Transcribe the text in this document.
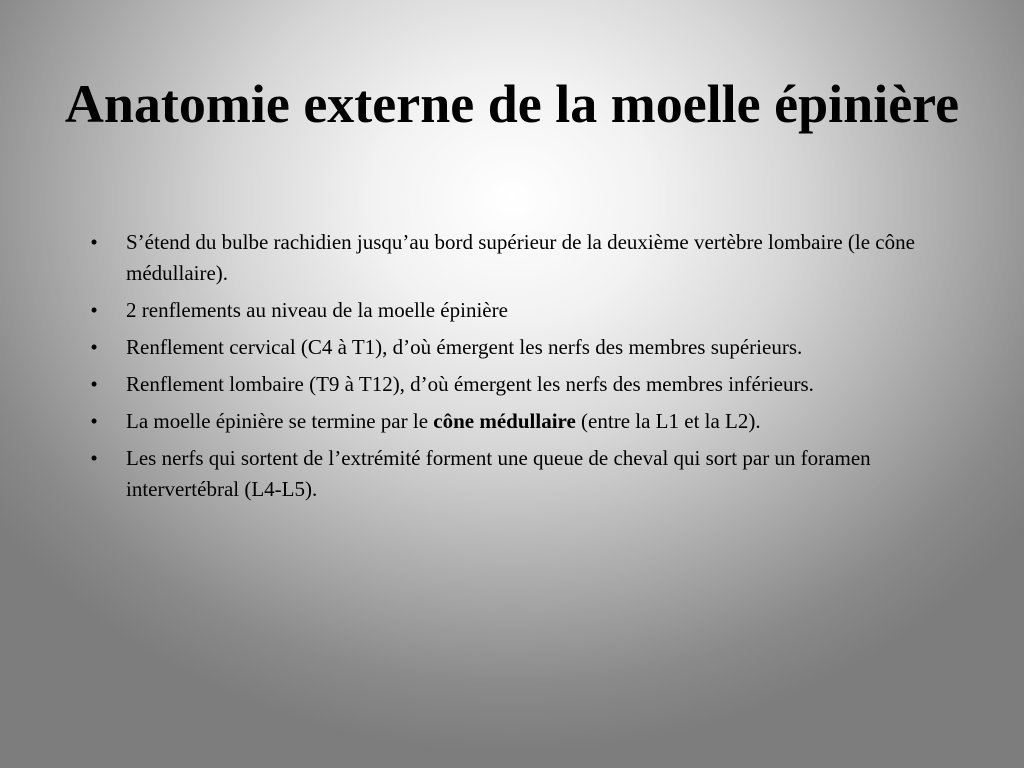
Anatomie externe de la moelle épinière
• S’étend du bulbe rachidien jusqu’au bord supérieur de la deuxième vertèbre lombaire (le cône médullaire).
• 2 renflements au niveau de la moelle épinière
• Renflement cervical (C4 à T1), d’où émergent les nerfs des membres supérieurs.
• Renflement lombaire (T9 à T12), d’où émergent les nerfs des membres inférieurs.
• La moelle épinière se termine par le cône médullaire (entre la L1 et la L2).
• Les nerfs qui sortent de l’extrémité forment une queue de cheval qui sort par un foramen intervertébral (L4-L5).
